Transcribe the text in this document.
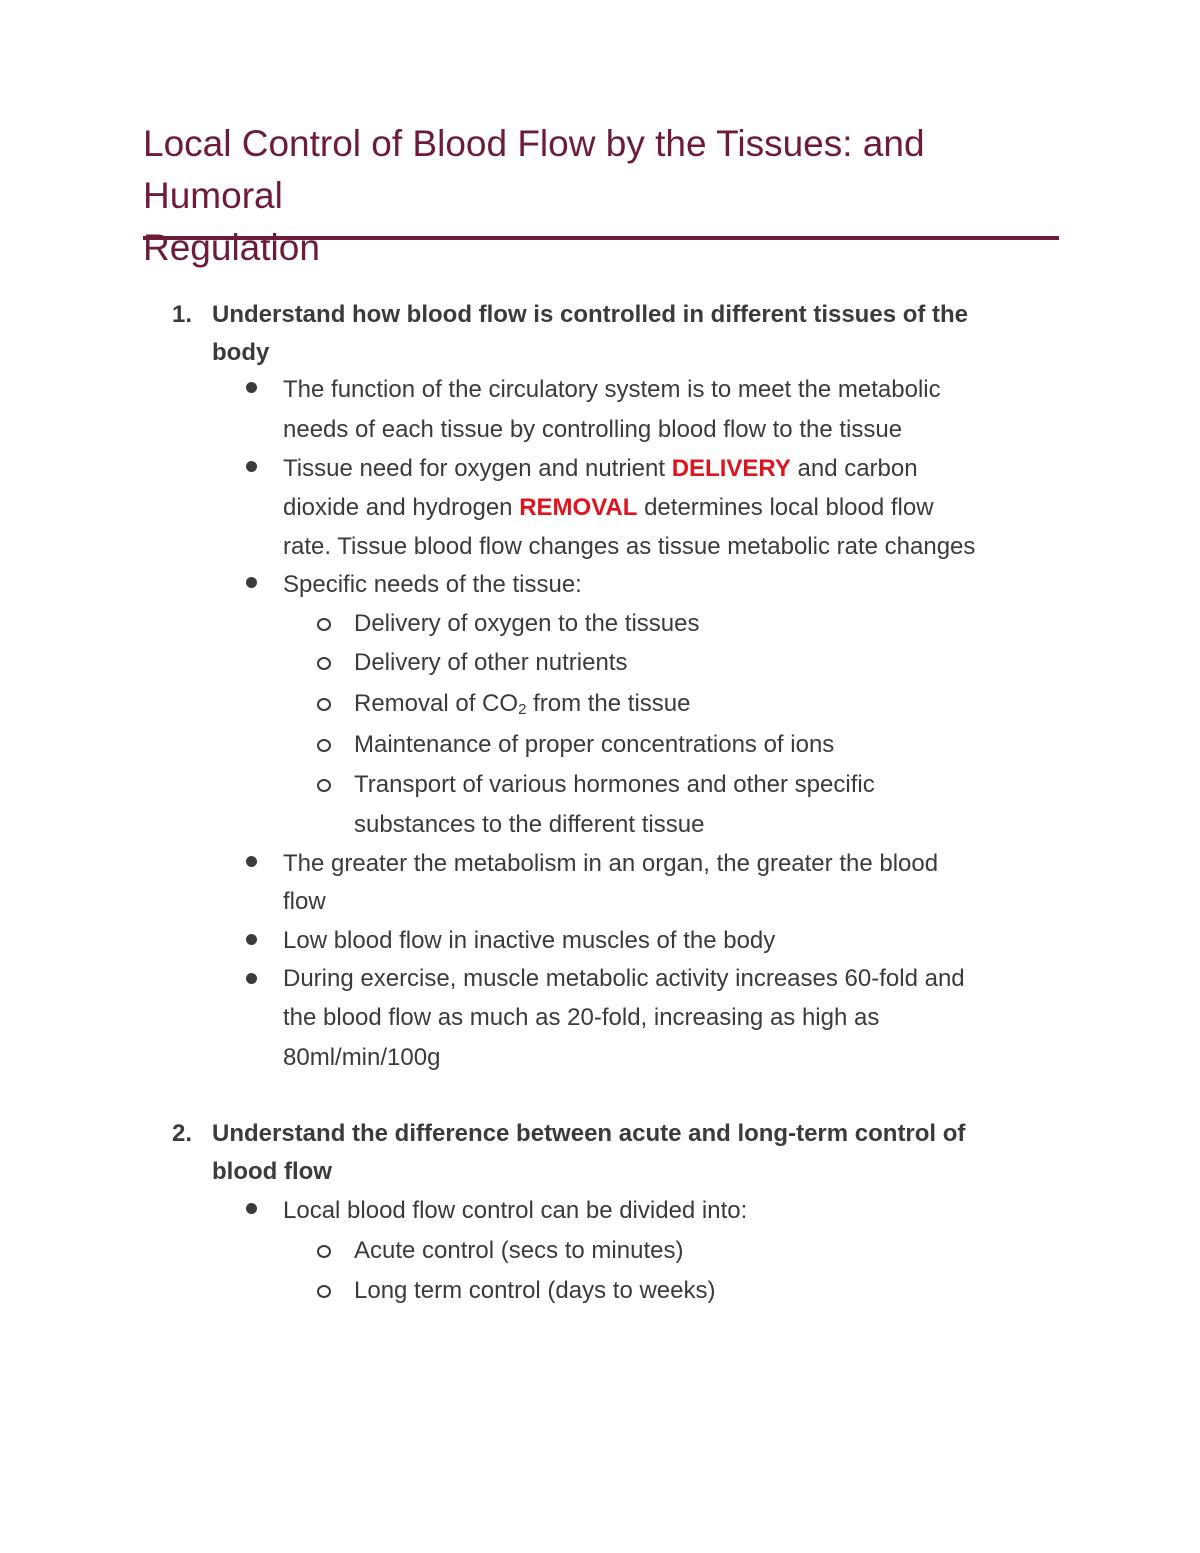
Local Control of Blood Flow by the Tissues: and Humoral
Regulation
1. Understand how blood flow is controlled in different tissues of the
body
The function of the circulatory system is to meet the metabolic
needs of each tissue by controlling blood flow to the tissue
Tissue need for oxygen and nutrient DELIVERY and carbon
dioxide and hydrogen REMOVAL determines local blood flow
rate. Tissue blood flow changes as tissue metabolic rate changes
Specific needs of the tissue:
Delivery of oxygen to the tissues
Delivery of other nutrients
Removal of $CO_2$ from the tissue
Maintenance of proper concentrations of ions
Transport of various hormones and other specific
substances to the different tissue
The greater the metabolism in an organ, the greater the blood
flow
Low blood flow in inactive muscles of the body
During exercise, muscle metabolic activity increases 60-fold and
the blood flow as much as 20-fold, increasing as high as
80ml/min/100g
2. Understand the difference between acute and long-term control of
blood flow
Local blood flow control can be divided into:
Acute control (secs to minutes)
Long term control (days to weeks)
